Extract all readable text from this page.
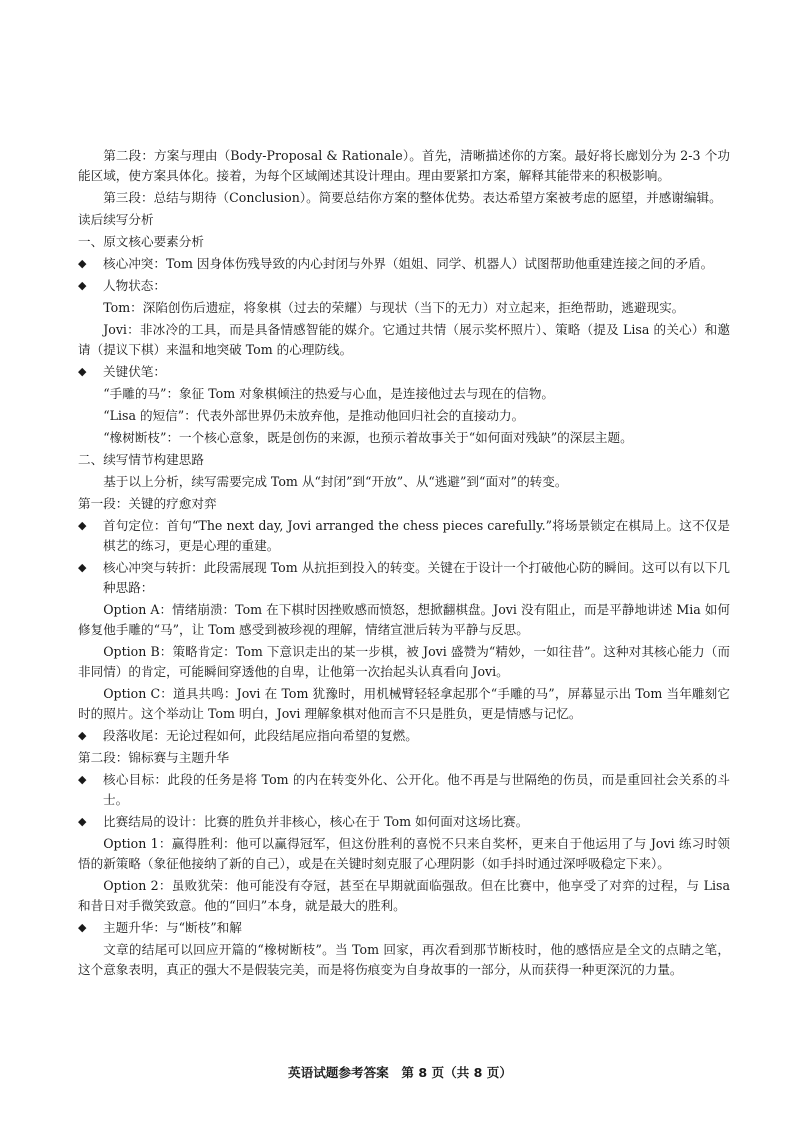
第二段：方案与理由（Body-Proposal & Rationale）。首先，清晰描述你的方案。最好将长廊划分为 2-3 个功能区域，使方案具体化。接着，为每个区域阐述其设计理由。理由要紧扣方案，解释其能带来的积极影响。
第三段：总结与期待（Conclusion）。简要总结你方案的整体优势。表达希望方案被考虑的愿望，并感谢编辑。
读后续写分析
一、原文核心要素分析
◆ 核心冲突：Tom 因身体伤残导致的内心封闭与外界（姐姐、同学、机器人）试图帮助他重建连接之间的矛盾。
◆ 人物状态：
Tom：深陷创伤后遗症，将象棋（过去的荣耀）与现状（当下的无力）对立起来，拒绝帮助，逃避现实。
Jovi：非冰冷的工具，而是具备情感智能的媒介。它通过共情（展示奖杯照片）、策略（提及 Lisa 的关心）和邀请（提议下棋）来温和地突破 Tom 的心理防线。
◆ 关键伏笔：
“手雕的马”：象征 Tom 对象棋倾注的热爱与心血，是连接他过去与现在的信物。
“Lisa 的短信”：代表外部世界仍未放弃他，是推动他回归社会的直接动力。
“橡树断枝”：一个核心意象，既是创伤的来源，也预示着故事关于“如何面对残缺”的深层主题。
二、续写情节构建思路
基于以上分析，续写需要完成 Tom 从“封闭”到“开放”、从“逃避”到“面对”的转变。
第一段：关键的疗愈对弈
◆ 首句定位：首句“The next day, Jovi arranged the chess pieces carefully.”将场景锁定在棋局上。这不仅是棋艺的练习，更是心理的重建。
◆ 核心冲突与转折：此段需展现 Tom 从抗拒到投入的转变。关键在于设计一个打破他心防的瞬间。这可以有以下几种思路：
Option A：情绪崩溃：Tom 在下棋时因挫败感而愤怒，想掀翻棋盘。Jovi 没有阻止，而是平静地讲述 Mia 如何修复他手雕的“马”，让 Tom 感受到被珍视的理解，情绪宣泄后转为平静与反思。
Option B：策略肯定：Tom 下意识走出的某一步棋，被 Jovi 盛赞为“精妙，一如往昔”。这种对其核心能力（而非同情）的肯定，可能瞬间穿透他的自卑，让他第一次抬起头认真看向 Jovi。
Option C：道具共鸣：Jovi 在 Tom 犹豫时，用机械臂轻轻拿起那个“手雕的马”，屏幕显示出 Tom 当年雕刻它时的照片。这个举动让 Tom 明白，Jovi 理解象棋对他而言不只是胜负，更是情感与记忆。
◆ 段落收尾：无论过程如何，此段结尾应指向希望的复燃。
第二段：锦标赛与主题升华
◆ 核心目标：此段的任务是将 Tom 的内在转变外化、公开化。他不再是与世隔绝的伤员，而是重回社会关系的斗士。
◆ 比赛结局的设计：比赛的胜负并非核心，核心在于 Tom 如何面对这场比赛。
Option 1：赢得胜利：他可以赢得冠军，但这份胜利的喜悦不只来自奖杯，更来自于他运用了与 Jovi 练习时领悟的新策略（象征他接纳了新的自己），或是在关键时刻克服了心理阴影（如手抖时通过深呼吸稳定下来）。
Option 2：虽败犹荣：他可能没有夺冠，甚至在早期就面临强敌。但在比赛中，他享受了对弈的过程，与 Lisa 和昔日对手微笑致意。他的“回归”本身，就是最大的胜利。
◆ 主题升华：与“断枝”和解
文章的结尾可以回应开篇的“橡树断枝”。当 Tom 回家，再次看到那节断枝时，他的感悟应是全文的点睛之笔，这个意象表明，真正的强大不是假装完美，而是将伤痕变为自身故事的一部分，从而获得一种更深沉的力量。
英语试题参考答案　第 8 页（共 8 页）
